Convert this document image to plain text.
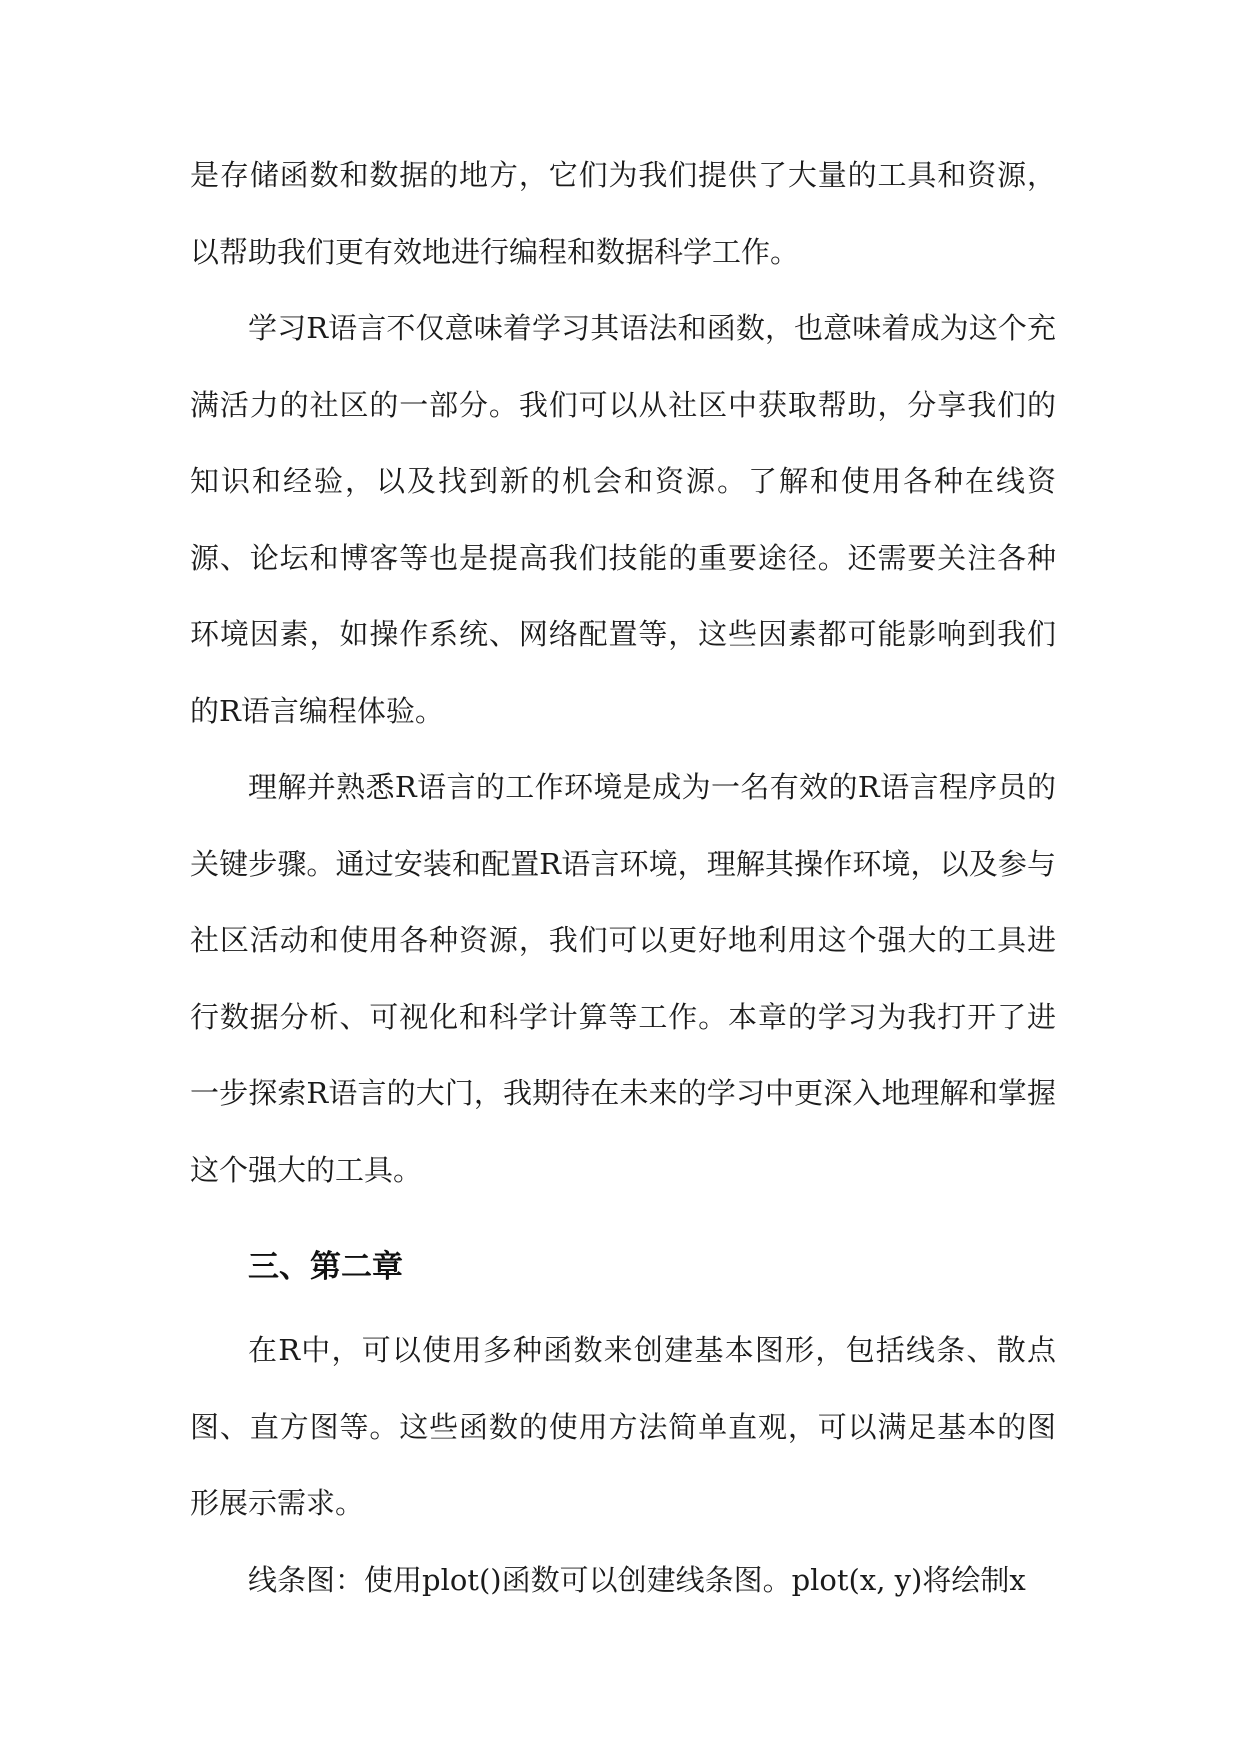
是存储函数和数据的地方，它们为我们提供了大量的工具和资源，以帮助我们更有效地进行编程和数据科学工作。

学习R语言不仅意味着学习其语法和函数，也意味着成为这个充满活力的社区的一部分。我们可以从社区中获取帮助，分享我们的知识和经验，以及找到新的机会和资源。了解和使用各种在线资源、论坛和博客等也是提高我们技能的重要途径。还需要关注各种环境因素，如操作系统、网络配置等，这些因素都可能影响到我们的R语言编程体验。

理解并熟悉R语言的工作环境是成为一名有效的R语言程序员的关键步骤。通过安装和配置R语言环境，理解其操作环境，以及参与社区活动和使用各种资源，我们可以更好地利用这个强大的工具进行数据分析、可视化和科学计算等工作。本章的学习为我打开了进一步探索R语言的大门，我期待在未来的学习中更深入地理解和掌握这个强大的工具。

三、第二章

在R中，可以使用多种函数来创建基本图形，包括线条、散点图、直方图等。这些函数的使用方法简单直观，可以满足基本的图形展示需求。

线条图：使用plot()函数可以创建线条图。plot(x, y)将绘制x
